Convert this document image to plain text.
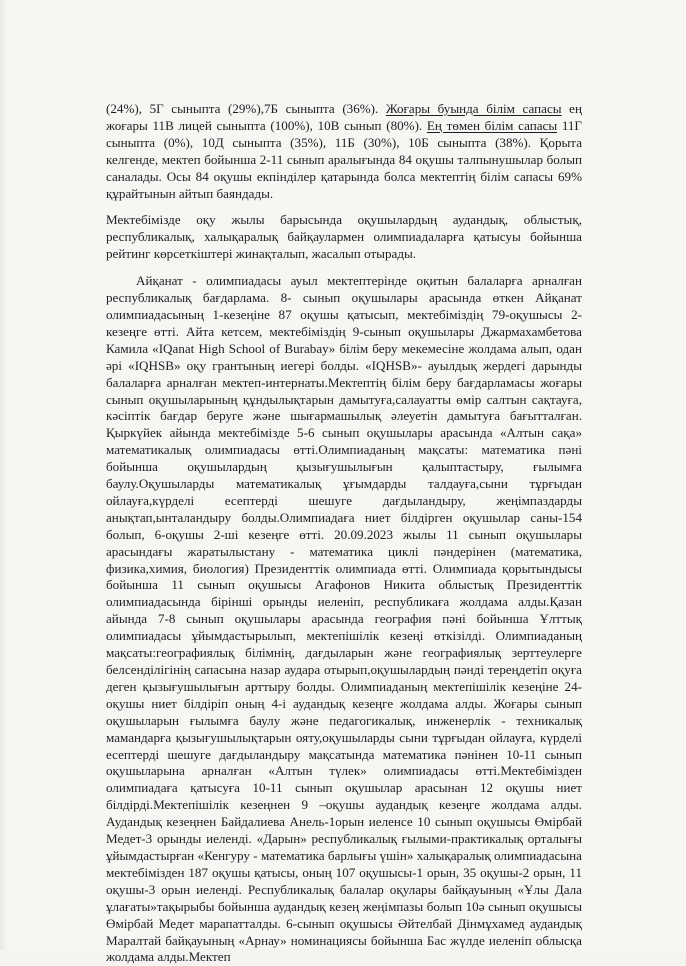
(24%), 5Г сыныпта (29%),7Б сыныпта (36%). Жоғары буында білім сапасы ең жоғары 11В лицей сыныпта (100%), 10В сынып (80%). Ең төмен білім сапасы 11Г сыныпта (0%), 10Д сыныпта (35%), 11Б (30%), 10Б сыныпта (38%). Қорыта келгенде, мектеп бойынша 2-11 сынып аралығында 84 оқушы талпынушылар болып саналады. Осы 84 оқушы екпінділер қатарында болса мектептің білім сапасы 69% құрайтынын айтып баяндады.

Мектебімізде оқу жылы барысында оқушылардың аудандық, облыстық, республикалық, халықаралық байқаулармен олимпиадаларға қатысуы бойынша рейтинг көрсеткіштері жинақталып, жасалып отырады.

Айқанат - олимпиадасы ауыл мектептерінде оқитын балаларға арналған республикалық бағдарлама. 8- сынып оқушылары арасында өткен Айқанат олимпиадасының 1-кезеңіне 87 оқушы қатысып, мектебіміздің 79-оқушысы 2-кезеңге өтті. Айта кетсем, мектебіміздің 9-сынып оқушылары Джармахамбетова Камила «IQanat High School of Burabay» білім беру мекемесіне жолдама алып, одан әрі «IQHSB» оқу грантының иегері болды. «IQHSB»- ауылдық жердегі дарынды балаларға арналған мектеп-интернаты.Мектептің білім беру бағдарламасы жоғары сынып оқушыларының құндылықтарын дамытуға,салауатты өмір салтын сақтауға, кәсіптік бағдар беруге және шығармашылық әлеуетін дамытуға бағытталған. Қыркүйек айында мектебімізде 5-6 сынып оқушылары арасында «Алтын сақа» математикалық олимпиадасы өтті.Олимпиаданың мақсаты: математика пәні бойынша оқушылардың қызығушылығын қалыптастыру, ғылымға баулу.Оқушыларды математикалық ұғымдарды талдауға,сыни тұрғыдан ойлауға,күрделі есептерді шешуге дағдыландыру, жеңімпаздарды анықтап,ынталандыру болды.Олимпиадаға ниет білдірген оқушылар саны-154 болып, 6-оқушы 2-ші кезеңге өтті. 20.09.2023 жылы 11 сынып оқушылары арасындағы жаратылыстану - математика циклі пәндерінен (математика, физика,химия, биология) Президенттік олимпиада өтті. Олимпиада қорытындысы бойынша 11 сынып оқушысы Агафонов Никита облыстық Президенттік олимпиадасында бірінші орынды иеленіп, республикаға жолдама алды.Қазан айында 7-8 сынып оқушылары арасында география пәні бойынша Ұлттық олимпиадасы ұйымдастырылып, мектепішілік кезеңі өткізілді. Олимпиаданың мақсаты:географиялық білімнің, дағдыларын және географиялық зерттеулерге белсенділігінің сапасына назар аудара отырып,оқушылардың пәнді тереңдетіп оқуға деген қызығушылығын арттыру болды. Олимпиаданың мектепішілік кезеңіне 24-оқушы ниет білдіріп оның 4-і аудандық кезеңге жолдама алды. Жоғары сынып оқушыларын ғылымға баулу және педагогикалық, инженерлік - техникалық мамандарға қызығушылықтарын ояту,оқушыларды сыни тұрғыдан ойлауға, күрделі есептерді шешуге дағдыландыру мақсатында математика пәнінен 10-11 сынып оқушыларына арналған «Алтын түлек» олимпиадасы өтті.Мектебімізден олимпиадаға қатысуға 10-11 сынып оқушылар арасынан 12 оқушы ниет білдірді.Мектепішілік кезеңнен 9 –оқушы аудандық кезеңге жолдама алды. Аудандық кезеңнен Байдалиева Анель-1орын иеленсе 10 сынып оқушысы Өмірбай Медет-3 орынды иеленді. «Дарын» республикалық ғылыми-практикалық орталығы ұйымдастырған «Кенгуру - математика барлығы үшін» халықаралық олимпиадасына мектебімізден 187 оқушы қатысы, оның 107 оқушысы-1 орын, 35 оқушы-2 орын, 11 оқушы-3 орын иеленді. Республикалық балалар оқулары байқауының «Ұлы Дала ұлағаты»тақырыбы бойынша аудандық кезең жеңімпазы болып 10ә сынып оқушысы Өмірбай Медет марапатталды. 6-сынып оқушысы Әйтелбай Дінмұхамед аудандық Маралтай байқауының «Арнау» номинациясы бойынша Бас жүлде иеленіп облысқа жолдама алды.Мектеп
